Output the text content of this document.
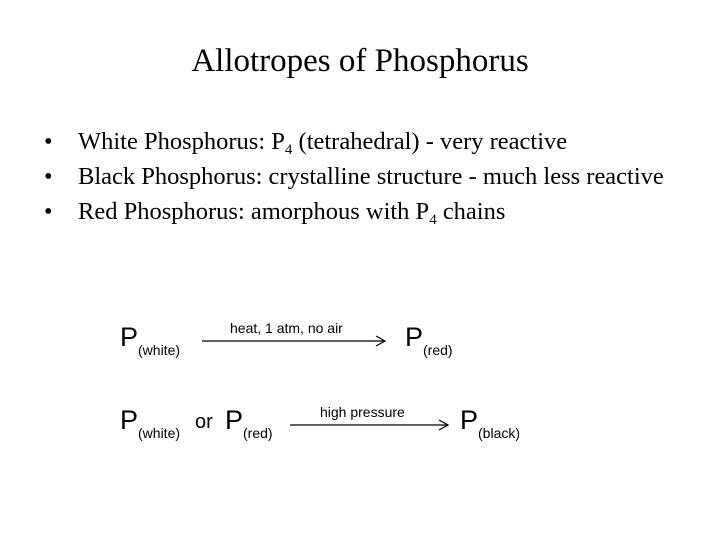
Allotropes of Phosphorus
• White Phosphorus: $P_4$ (tetrahedral) - very reactive
• Black Phosphorus: crystalline structure - much less reactive
• Red Phosphorus: amorphous with $P_4$ chains
$P_{(white)}$
heat, 1 atm, no air $P_{(red)}$
$P_{(white)}$ or $P_{(red)}$
high pressure $P_{(black)}$
